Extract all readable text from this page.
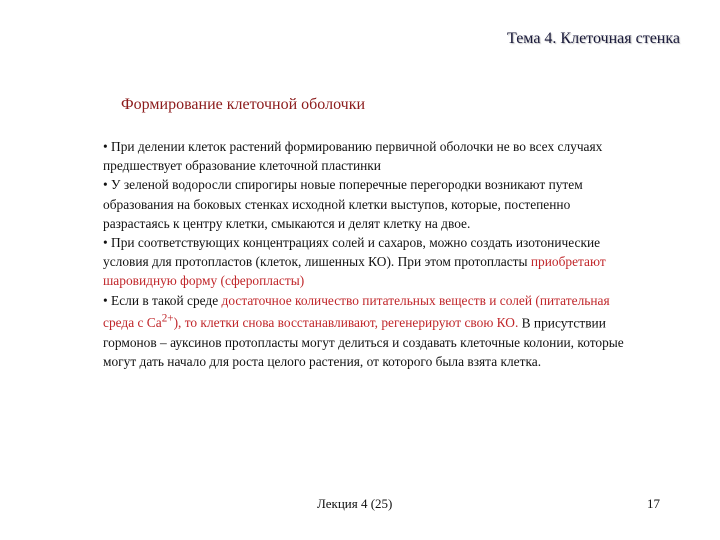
Тема 4. Клеточная стенка
Формирование клеточной оболочки

• При делении клеток растений формированию первичной оболочки не во всех случаях предшествует образование клеточной пластинки

• У зеленой водоросли спирогиры новые поперечные перегородки возникают путем образования на боковых стенках исходной клетки выступов, которые, постепенно разрастаясь к центру клетки, смыкаются и делят клетку на двое.

• При соответствующих концентрациях солей и сахаров, можно создать изотонические условия для протопластов (клеток, лишенных КО). При этом протопласты приобретают шаровидную форму (сферопласты)

• Если в такой среде достаточное количество питательных веществ и солей (питательная среда с $Са^{2+}$), то клетки снова восстанавливают, регенерируют свою КО. В присутствии гормонов – ауксинов протопласты могут делиться и создавать клеточные колонии, которые могут дать начало для роста целого растения, от которого была взята клетка.

Лекция 4 (25)	17
